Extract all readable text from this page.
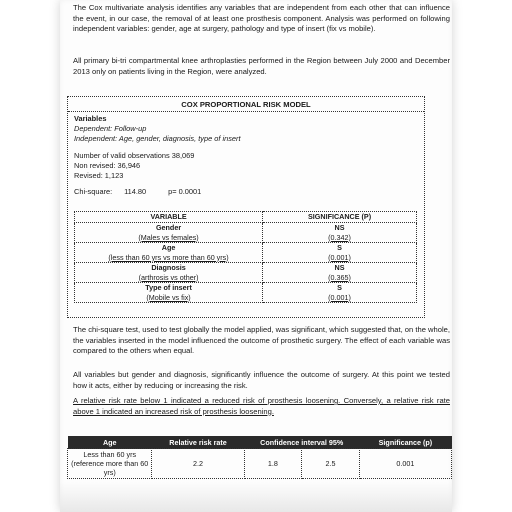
The Cox multivariate analysis identifies any variables that are independent from each other that can influence the event, in our case, the removal of at least one prosthesis component. Analysis was performed on following independent variables: gender, age at surgery, pathology and type of insert (fix vs mobile).

All primary bi-tri compartmental knee arthroplasties performed in the Region between July 2000 and December 2013 only on patients living in the Region, were analyzed.

COX PROPORTIONAL RISK MODEL
Variables
Dependent: Follow-up
Independent: Age, gender, diagnosis, type of insert
Number of valid observations 38,069
Non revised: 36,946
Revised: 1,123
Chi-square: 114.80	p= 0.0001
VARIABLE	SIGNIFICANCE (P)

Gender
(Males vs females)	NS
(0.342)

Age
(less than 60 yrs vs more than 60 yrs)	S
(0.001)

Diagnosis
(arthrosis vs other)	NS
(0.365)

Type of insert
(Mobile vs fix)	S
(0.001)

The chi-square test, used to test globally the model applied, was significant, which suggested that, on the whole, the variables inserted in the model influenced the outcome of prosthetic surgery. The effect of each variable was compared to the others when equal.

All variables but gender and diagnosis, significantly influence the outcome of surgery. At this point we tested how it acts, either by reducing or increasing the risk.

A relative risk rate below 1 indicated a reduced risk of prosthesis loosening. Conversely, a relative risk rate above 1 indicated an increased risk of prosthesis loosening.

Age	Relative risk rate	Confidence interval 95%		Significance (p)
Less than 60 yrs (reference more than 60 yrs)	2.2	1.8	2.5	0.001
